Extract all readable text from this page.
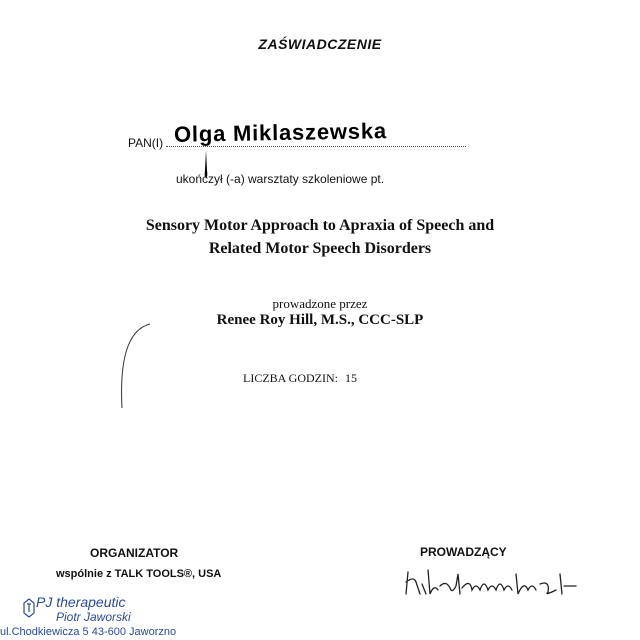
ZAŚWIADCZENIE
PAN(I) Olga Miklaszewska
ukończył (-a) warsztaty szkoleniowe pt.
Sensory Motor Approach to Apraxia of Speech and
Related Motor Speech Disorders
prowadzone przez
Renee Roy Hill, M.S., CCC-SLP
LICZBA GODZIN: 15
ORGANIZATOR
wspólnie z TALK TOOLS®, USA
PROWADZĄCY
PJ therapeutic
Piotr Jaworski
ul.Chodkiewicza 5 43-600 Jaworzno
